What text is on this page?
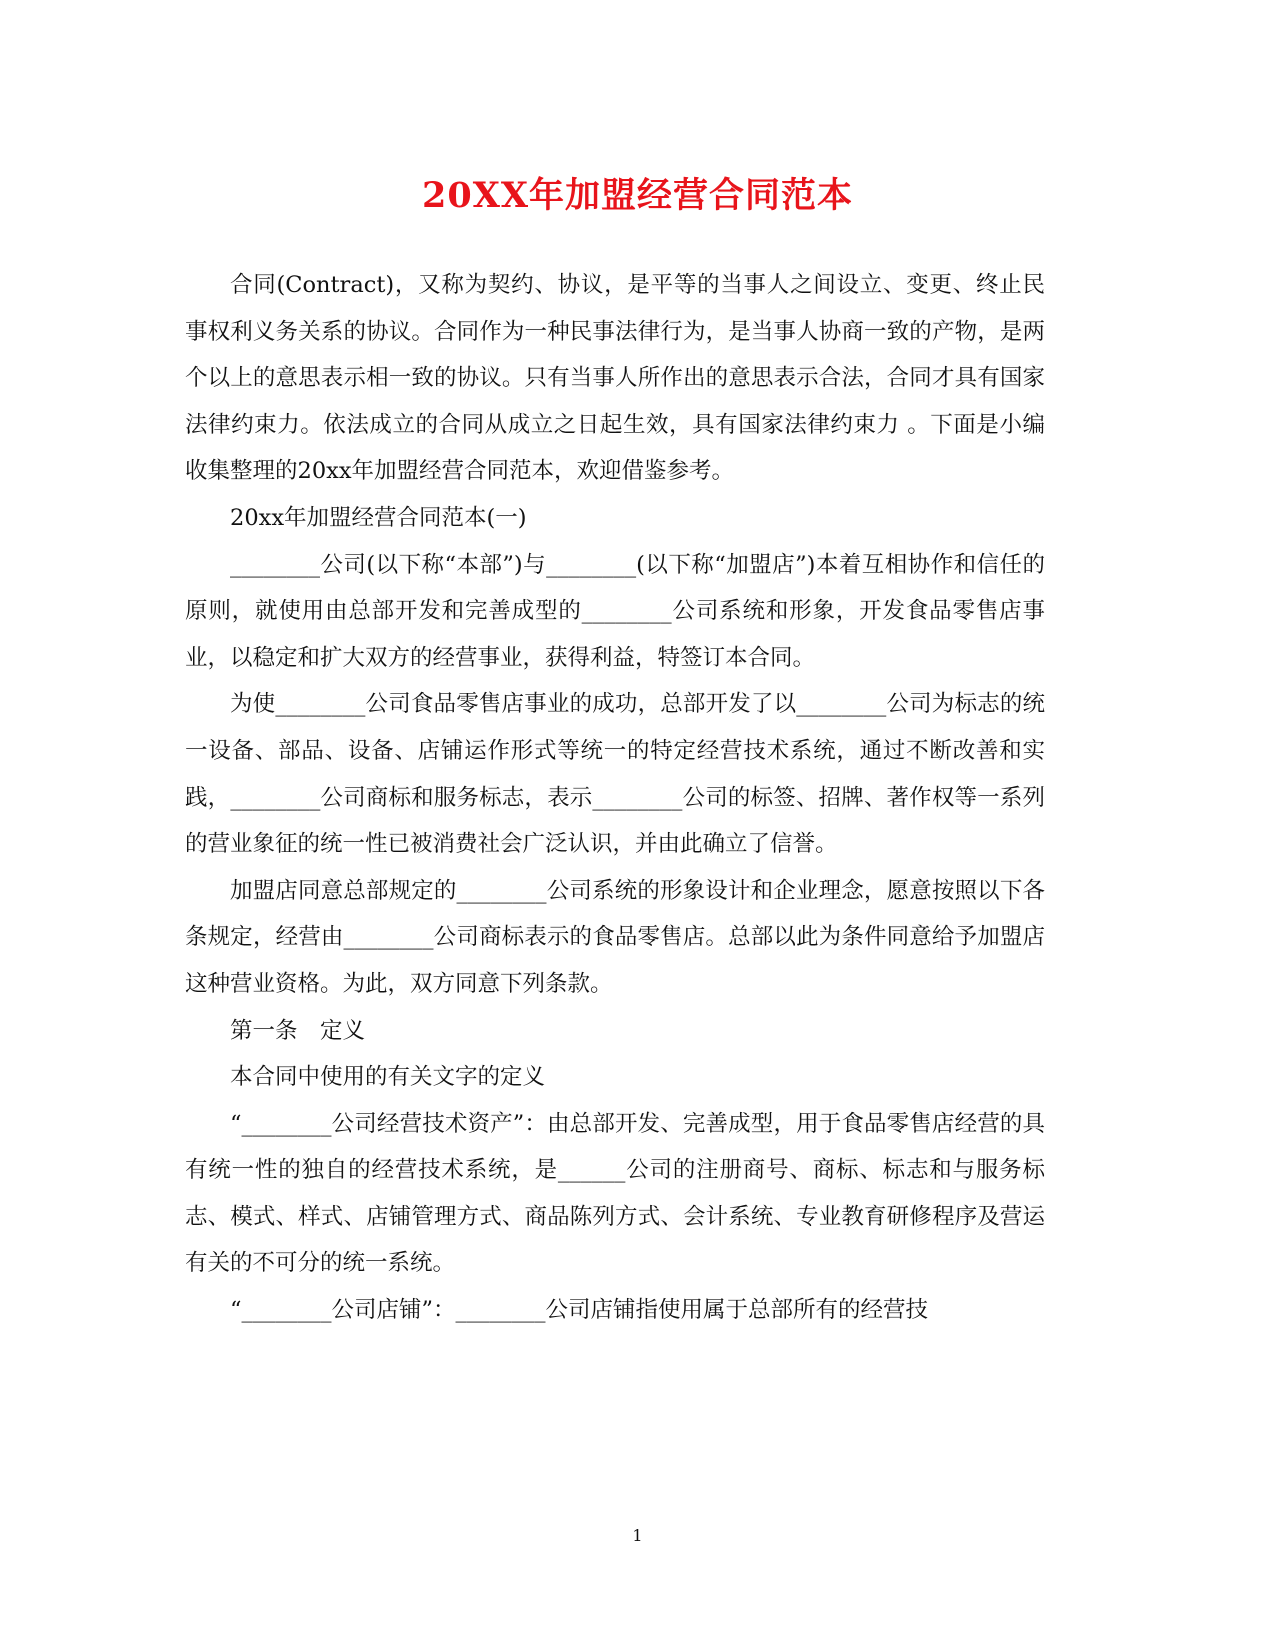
20XX年加盟经营合同范本

合同(Contract)，又称为契约、协议，是平等的当事人之间设立、变更、终止民事权利义务关系的协议。合同作为一种民事法律行为，是当事人协商一致的产物，是两个以上的意思表示相一致的协议。只有当事人所作出的意思表示合法，合同才具有国家法律约束力。依法成立的合同从成立之日起生效，具有国家法律约束力 。下面是小编收集整理的20xx年加盟经营合同范本，欢迎借鉴参考。

20xx年加盟经营合同范本(一)

________公司(以下称“本部”)与________(以下称“加盟店”)本着互相协作和信任的原则，就使用由总部开发和完善成型的________公司系统和形象，开发食品零售店事业，以稳定和扩大双方的经营事业，获得利益，特签订本合同。

为使________公司食品零售店事业的成功，总部开发了以________公司为标志的统一设备、部品、设备、店铺运作形式等统一的特定经营技术系统，通过不断改善和实践，________公司商标和服务标志，表示________公司的标签、招牌、著作权等一系列的营业象征的统一性已被消费社会广泛认识，并由此确立了信誉。

加盟店同意总部规定的________公司系统的形象设计和企业理念，愿意按照以下各条规定，经营由________公司商标表示的食品零售店。总部以此为条件同意给予加盟店这种营业资格。为此，双方同意下列条款。

第一条　定义

本合同中使用的有关文字的定义

“________公司经营技术资产”：由总部开发、完善成型，用于食品零售店经营的具有统一性的独自的经营技术系统，是______公司的注册商号、商标、标志和与服务标志、模式、样式、店铺管理方式、商品陈列方式、会计系统、专业教育研修程序及营运有关的不可分的统一系统。

“________公司店铺”：________公司店铺指使用属于总部所有的经营技

1
